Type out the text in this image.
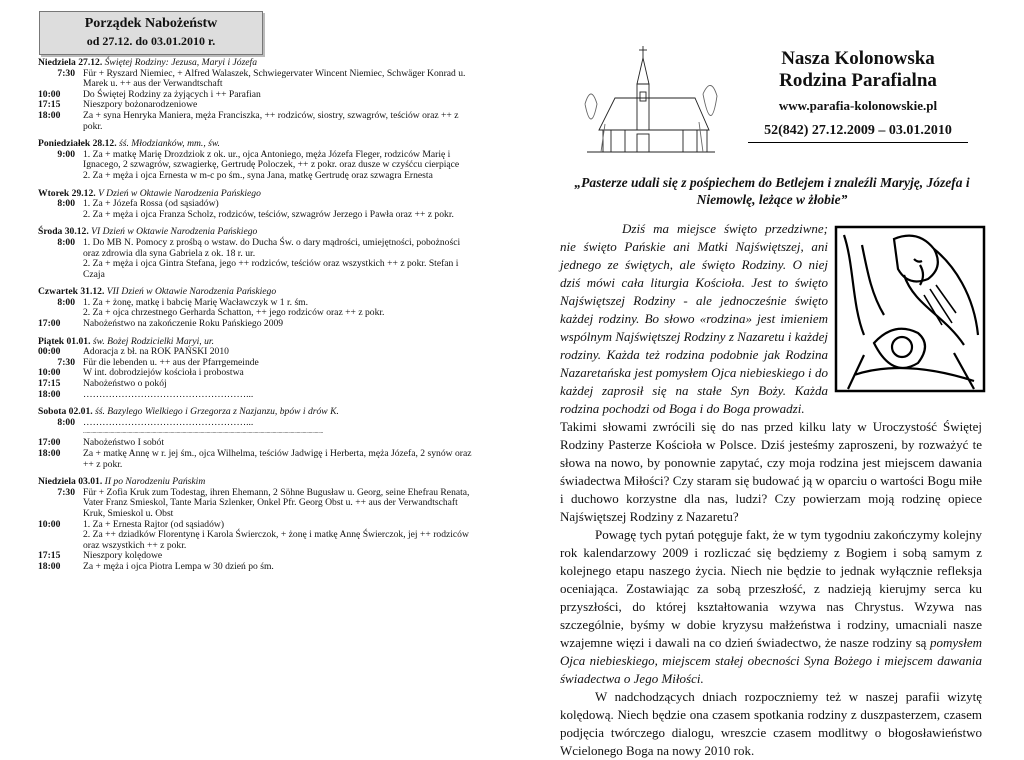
Porządek Nabożeństw
od 27.12. do 03.01.2010 r.
Niedziela 27.12. Świętej Rodziny: Jezusa, Maryi i Józefa
7:30 Für + Ryszard Niemiec, + Alfred Walaszek, Schwiegervater Wincent Niemiec, Schwäger Konrad u. Marek u. ++ aus der Verwandtschaft
10:00	Do Świętej Rodziny za żyjących i ++ Parafian
17:15	Nieszpory bożonarodzeniowe
18:00	Za + syna Henryka Maniera, męża Franciszka, ++ rodziców, siostry, szwagrów, teściów oraz ++ z pokr.
Poniedziałek 28.12. śś. Młodzianków, mm., św.
9:00 1. Za + matkę Marię Drozdziok z ok. ur., ojca Antoniego, męża Józefa Fleger, rodziców Marię i Ignacego, 2 szwagrów, szwagierkę, Gertrudę Poloczek, ++ z pokr. oraz dusze w czyśćcu cierpiące
2. Za + męża i ojca Ernesta w m-c po śm., syna Jana, matkę Gertrudę oraz szwagra Ernesta
Wtorek 29.12. V Dzień w Oktawie Narodzenia Pańskiego
8:00 1. Za + Józefa Rossa (od sąsiadów)
2. Za + męża i ojca Franza Scholz, rodziców, teściów, szwagrów Jerzego i Pawła oraz ++ z pokr.
Środa 30.12. VI Dzień w Oktawie Narodzenia Pańskiego
8:00 1. Do MB N. Pomocy z prośbą o wstaw. do Ducha Św. o dary mądrości, umiejętności, pobożności oraz zdrowia dla syna Gabriela z ok. 18 r. ur.
2. Za + męża i ojca Gintra Stefana, jego ++ rodziców, teściów oraz wszystkich ++ z pokr. Stefan i Czaja
Czwartek 31.12. VII Dzień w Oktawie Narodzenia Pańskiego
8:00 1. Za + żonę, matkę i babcię Marię Wacławczyk w 1 r. śm.
2. Za + ojca chrzestnego Gerharda Schatton, ++ jego rodziców oraz ++ z pokr.
17:00	Nabożeństwo na zakończenie Roku Pańskiego 2009
Piątek 01.01. św. Bożej Rodzicielki Maryi, ur.
00:00	Adoracja z bł. na ROK PAŃSKI 2010
7:30 Für die lebenden u. ++ aus der Pfarrgemeinde
10:00	W int. dobrodziejów kościoła i probostwa
17:15	Nabożeństwo o pokój
18:00	……………………………………………...
Sobota 02.01. śś. Bazylego Wielkiego i Grzegorza z Nazjanzu, bpów i drów K.
8:00 ……………………………………………...
........................................................................................................................................................................................................
17:00	Nabożeństwo I sobót
18:00	Za + matkę Annę w r. jej śm., ojca Wilhelma, teściów Jadwigę i Herberta, męża Józefa, 2 synów oraz ++ z pokr.
Niedziela 03.01. II po Narodzeniu Pańskim
7:30 Für + Zofia Kruk zum Todestag, ihren Ehemann, 2 Söhne Bugusław u. Georg, seine Ehefrau Renata, Vater Franz Smieskol, Tante Maria Szlenker, Onkel Pfr. Georg Obst u. ++ aus der Verwandtschaft Kruk, Smieskol u. Obst
10:00	1. Za + Ernesta Rajtor (od sąsiadów)
2. Za ++ dziadków Florentynę i Karola Świerczok, + żonę i matkę Annę Świerczok, jej ++ rodziców oraz wszystkich ++ z pokr.
17:15	Nieszpory kolędowe
18:00	Za + męża i ojca Piotra Lempa w 30 dzień po śm.
Nasza Kolonowska
Rodzina Parafialna
www.parafia-kolonowskie.pl
52(842) 27.12.2009 – 03.01.2010
„Pasterze udali się z pośpiechem do Betlejem i znaleźli Maryję, Józefa i Niemowlę, leżące w żłobie”

Dziś ma miejsce święto przedziwne; nie święto Pańskie ani Matki Najświętszej, ani jednego ze świętych, ale święto Rodziny. O niej dziś mówi cała liturgia Kościoła. Jest to święto Najświętszej Rodziny - ale jednocześnie święto każdej rodziny. Bo słowo «rodzina» jest imieniem wspólnym Najświętszej Rodziny z Nazaretu i każdej rodziny. Każda też rodzina podobnie jak Rodzina Nazaretańska jest pomysłem Ojca niebieskiego i do każdej zaprosił się na stałe Syn Boży. Każda rodzina pochodzi od Boga i do Boga prowadzi.

Takimi słowami zwrócili się do nas przed kilku laty w Uroczystość Świętej Rodziny Pasterze Kościoła w Polsce. Dziś jesteśmy zaproszeni, by rozważyć te słowa na nowo, by ponownie zapytać, czy moja rodzina jest miejscem dawania świadectwa Miłości? Czy staram się budować ją w oparciu o wartości Bogu miłe i duchowo korzystne dla nas, ludzi? Czy powierzam moją rodzinę opiece Najświętszej Rodziny z Nazaretu?

Powagę tych pytań potęguje fakt, że w tym tygodniu zakończymy kolejny rok kalendarzowy 2009 i rozliczać się będziemy z Bogiem i sobą samym z kolejnego etapu naszego życia. Niech nie będzie to jednak wyłącznie refleksja oceniająca. Zostawiając za sobą przeszłość, z nadzieją kierujmy serca ku przyszłości, do której kształtowania wzywa nas Chrystus. Wzywa nas szczególnie, byśmy w dobie kryzysu małżeństwa i rodziny, umacniali nasze wzajemne więzi i dawali na co dzień świadectwo, że nasze rodziny są pomysłem Ojca niebieskiego, miejscem stałej obecności Syna Bożego i miejscem dawania świadectwa o Jego Miłości.

W nadchodzących dniach rozpoczniemy też w naszej parafii wizytę kolędową. Niech będzie ona czasem spotkania rodziny z duszpasterzem, czasem podjęcia twórczego dialogu, wreszcie czasem modlitwy o błogosławieństwo Wcielonego Boga na nowy 2010 rok.
